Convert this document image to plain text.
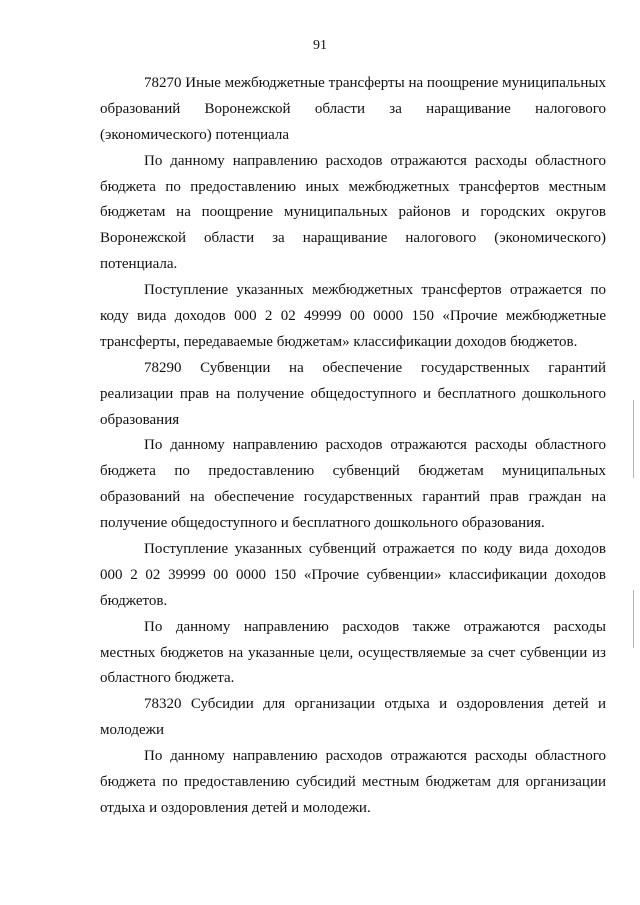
91
78270 Иные межбюджетные трансферты на поощрение муниципальных
образований Воронежской области за наращивание налогового
(экономического) потенциала
По данному направлению расходов отражаются расходы областного
бюджета по предоставлению иных межбюджетных трансфертов местным
бюджетам на поощрение муниципальных районов и городских округов
Воронежской области за наращивание налогового (экономического)
потенциала.
Поступление указанных межбюджетных трансфертов отражается по
коду вида доходов 000 2 02 49999 00 0000 150 «Прочие межбюджетные
трансферты, передаваемые бюджетам» классификации доходов бюджетов.
78290 Субвенции на обеспечение государственных гарантий
реализации прав на получение общедоступного и бесплатного дошкольного
образования
По данному направлению расходов отражаются расходы областного
бюджета по предоставлению субвенций бюджетам муниципальных
образований на обеспечение государственных гарантий прав граждан на
получение общедоступного и бесплатного дошкольного образования.
Поступление указанных субвенций отражается по коду вида доходов
000 2 02 39999 00 0000 150 «Прочие субвенции» классификации доходов
бюджетов.
По данному направлению расходов также отражаются расходы
местных бюджетов на указанные цели, осуществляемые за счет субвенции из
областного бюджета.
78320 Субсидии для организации отдыха и оздоровления детей и
молодежи
По данному направлению расходов отражаются расходы областного
бюджета по предоставлению субсидий местным бюджетам для организации
отдыха и оздоровления детей и молодежи.
